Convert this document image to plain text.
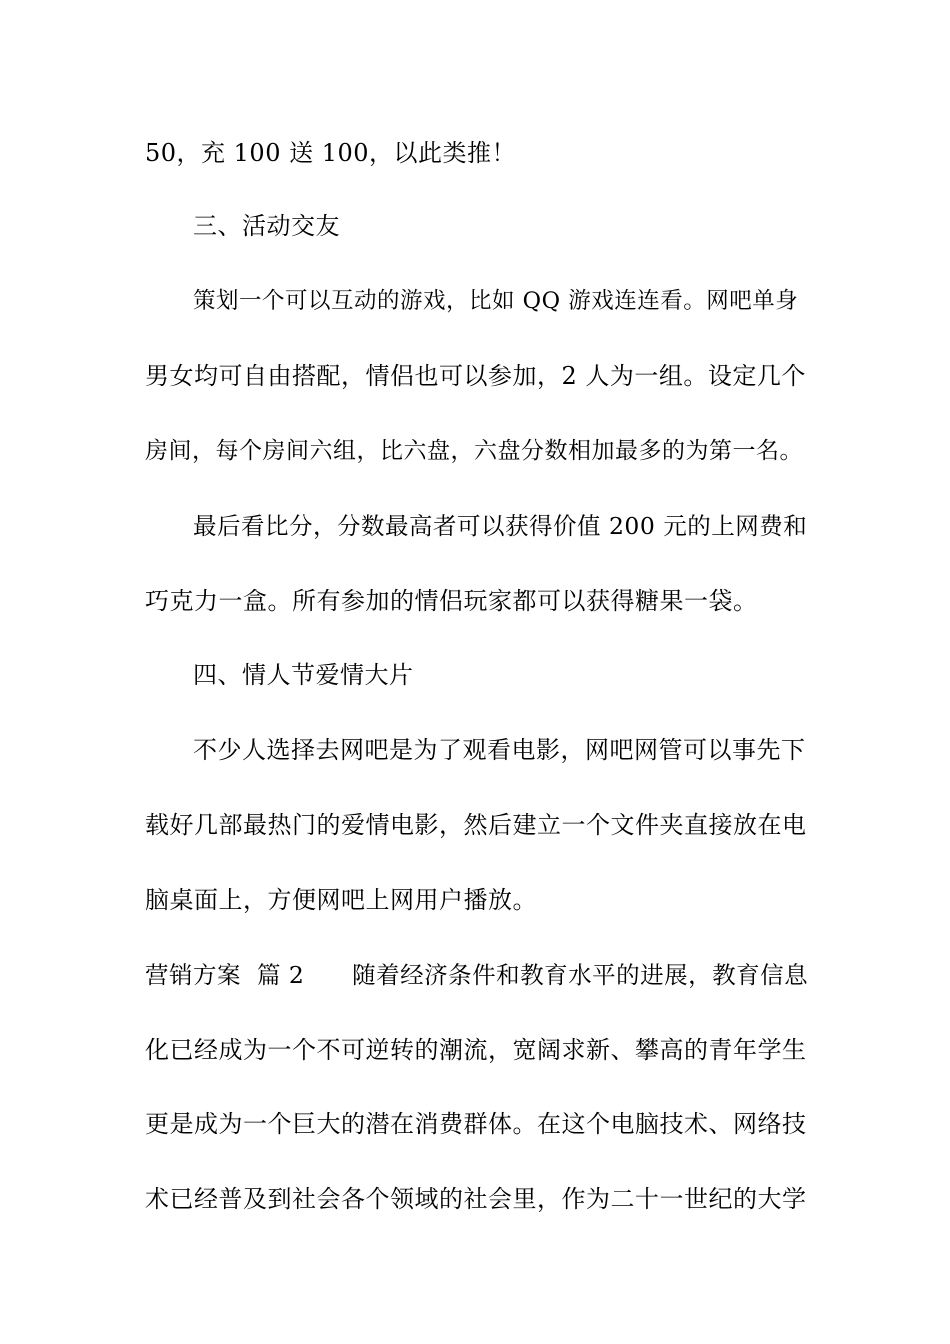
50，充 100 送 100，以此类推！
三、活动交友
策划一个可以互动的游戏，比如 QQ 游戏连连看。网吧单身
男女均可自由搭配，情侣也可以参加，2 人为一组。设定几个
房间，每个房间六组，比六盘，六盘分数相加最多的为第一名。
最后看比分，分数最高者可以获得价值 200 元的上网费和
巧克力一盒。所有参加的情侣玩家都可以获得糖果一袋。
四、情人节爱情大片
不少人选择去网吧是为了观看电影，网吧网管可以事先下
载好几部最热门的爱情电影，然后建立一个文件夹直接放在电
脑桌面上，方便网吧上网用户播放。
营销方案  篇 2      随着经济条件和教育水平的进展，教育信息
化已经成为一个不可逆转的潮流，宽阔求新、攀高的青年学生
更是成为一个巨大的潜在消费群体。在这个电脑技术、网络技
术已经普及到社会各个领域的社会里，作为二十一世纪的大学
